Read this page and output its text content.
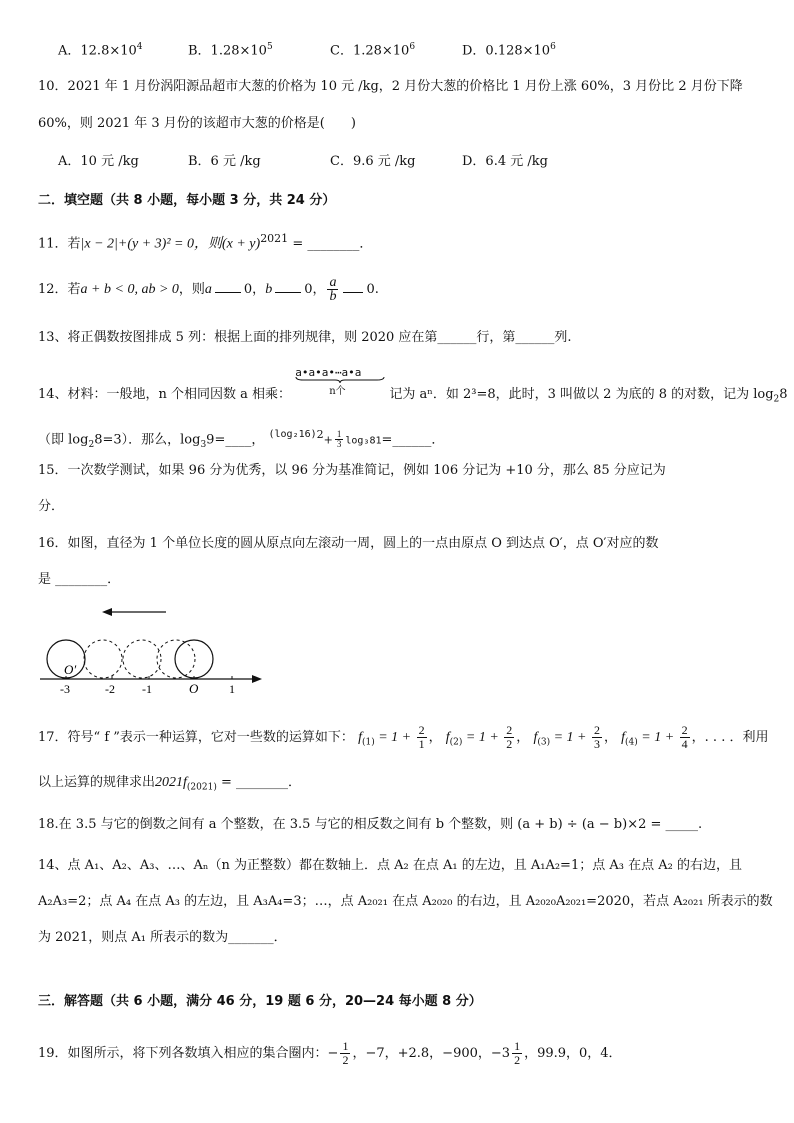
A．$12.8\times 10^4$	B．$1.28\times 10^5$	C．$1.28\times 10^6$	D．$0.128\times 10^6$
10．2021 年 1 月份涡阳源品超市大葱的价格为 10 元 /kg，2 月份大葱的价格比 1 月份上涨 60%，3 月份比 2 月份下降
60%，则 2021 年 3 月份的该超市大葱的价格是(　　)
A．10 元 /kg	B．6 元 /kg	C．9.6 元 /kg	D．6.4 元 /kg
二．填空题（共 8 小题，每小题 3 分，共 24 分）
11．若|x − 2|+(y + 3)² = 0，则$(x + y)^{2021}$ = ________．
12．若a + b < 0, ab > 0，则a 0，b 0， $\frac{a}{b} 0$.
13、将正偶数按图排成 5 列：根据上面的排列规律，则 2020 应在第______行，第______列.
14、材料：一般地，n 个相同因数 a 相乘：
a•a•a•⋯a•a
n个	记为 aⁿ．如 2³=8，此时，3 叫做以 2 为底的 8 的对数，记为 $\log_28$
（即 $\log_28=3$）．那么，$\log_39=\_\_\_\_$， $^{(log_216)2}+ \frac{1}{3}$ log₃81=______．
15．一次数学测试，如果 96 分为优秀，以 96 分为基准简记，例如 106 分记为 +10 分，那么 85 分应记为
分．
16．如图，直径为 1 个单位长度的圆从原点向左滚动一周，圆上的一点由原点 O 到达点 O′，点 O′对应的数
是 ________．
O′
-3	-2 -1	O	1
17．符号“ f ”表示一种运算，它对一些数的运算如下： $f_{(1)} = 1 + \frac{2}{1}$ ， $f_{(2)} = 1 + \frac{2}{2}$ ， $f_{(3)} = 1 + \frac{2}{3}$ ， $f_{(4)} = 1 + \frac{2}{4}$ ，. . . ．利用
以上运算的规律求出$2021f_{(2021)}$ = ________．
18.在 3.5 与它的倒数之间有 a 个整数，在 3.5 与它的相反数之间有 b 个整数，则 (a + b) ÷ (a − b)×2 = _____.
14、点 A₁、A₂、A₃、…、Aₙ（n 为正整数）都在数轴上．点 A₂ 在点 A₁ 的左边，且 A₁A₂=1；点 A₃ 在点 A₂ 的右边，且
A₂A₃=2；点 A₄ 在点 A₃ 的左边，且 A₃A₄=3；…，点 A₂₀₂₁ 在点 A₂₀₂₀ 的右边，且 A₂₀₂₀A₂₀₂₁=2020，若点 A₂₀₂₁ 所表示的数
为 2021，则点 A₁ 所表示的数为_______．
三．解答题（共 6 小题，满分 46 分，19 题 6 分，20—24 每小题 8 分）
19．如图所示，将下列各数填入相应的集合圈内：− $\frac{1}{2}$ ，−7，+2.8，−900，$-3 \frac{1}{2}$ ，99.9，0，4．
